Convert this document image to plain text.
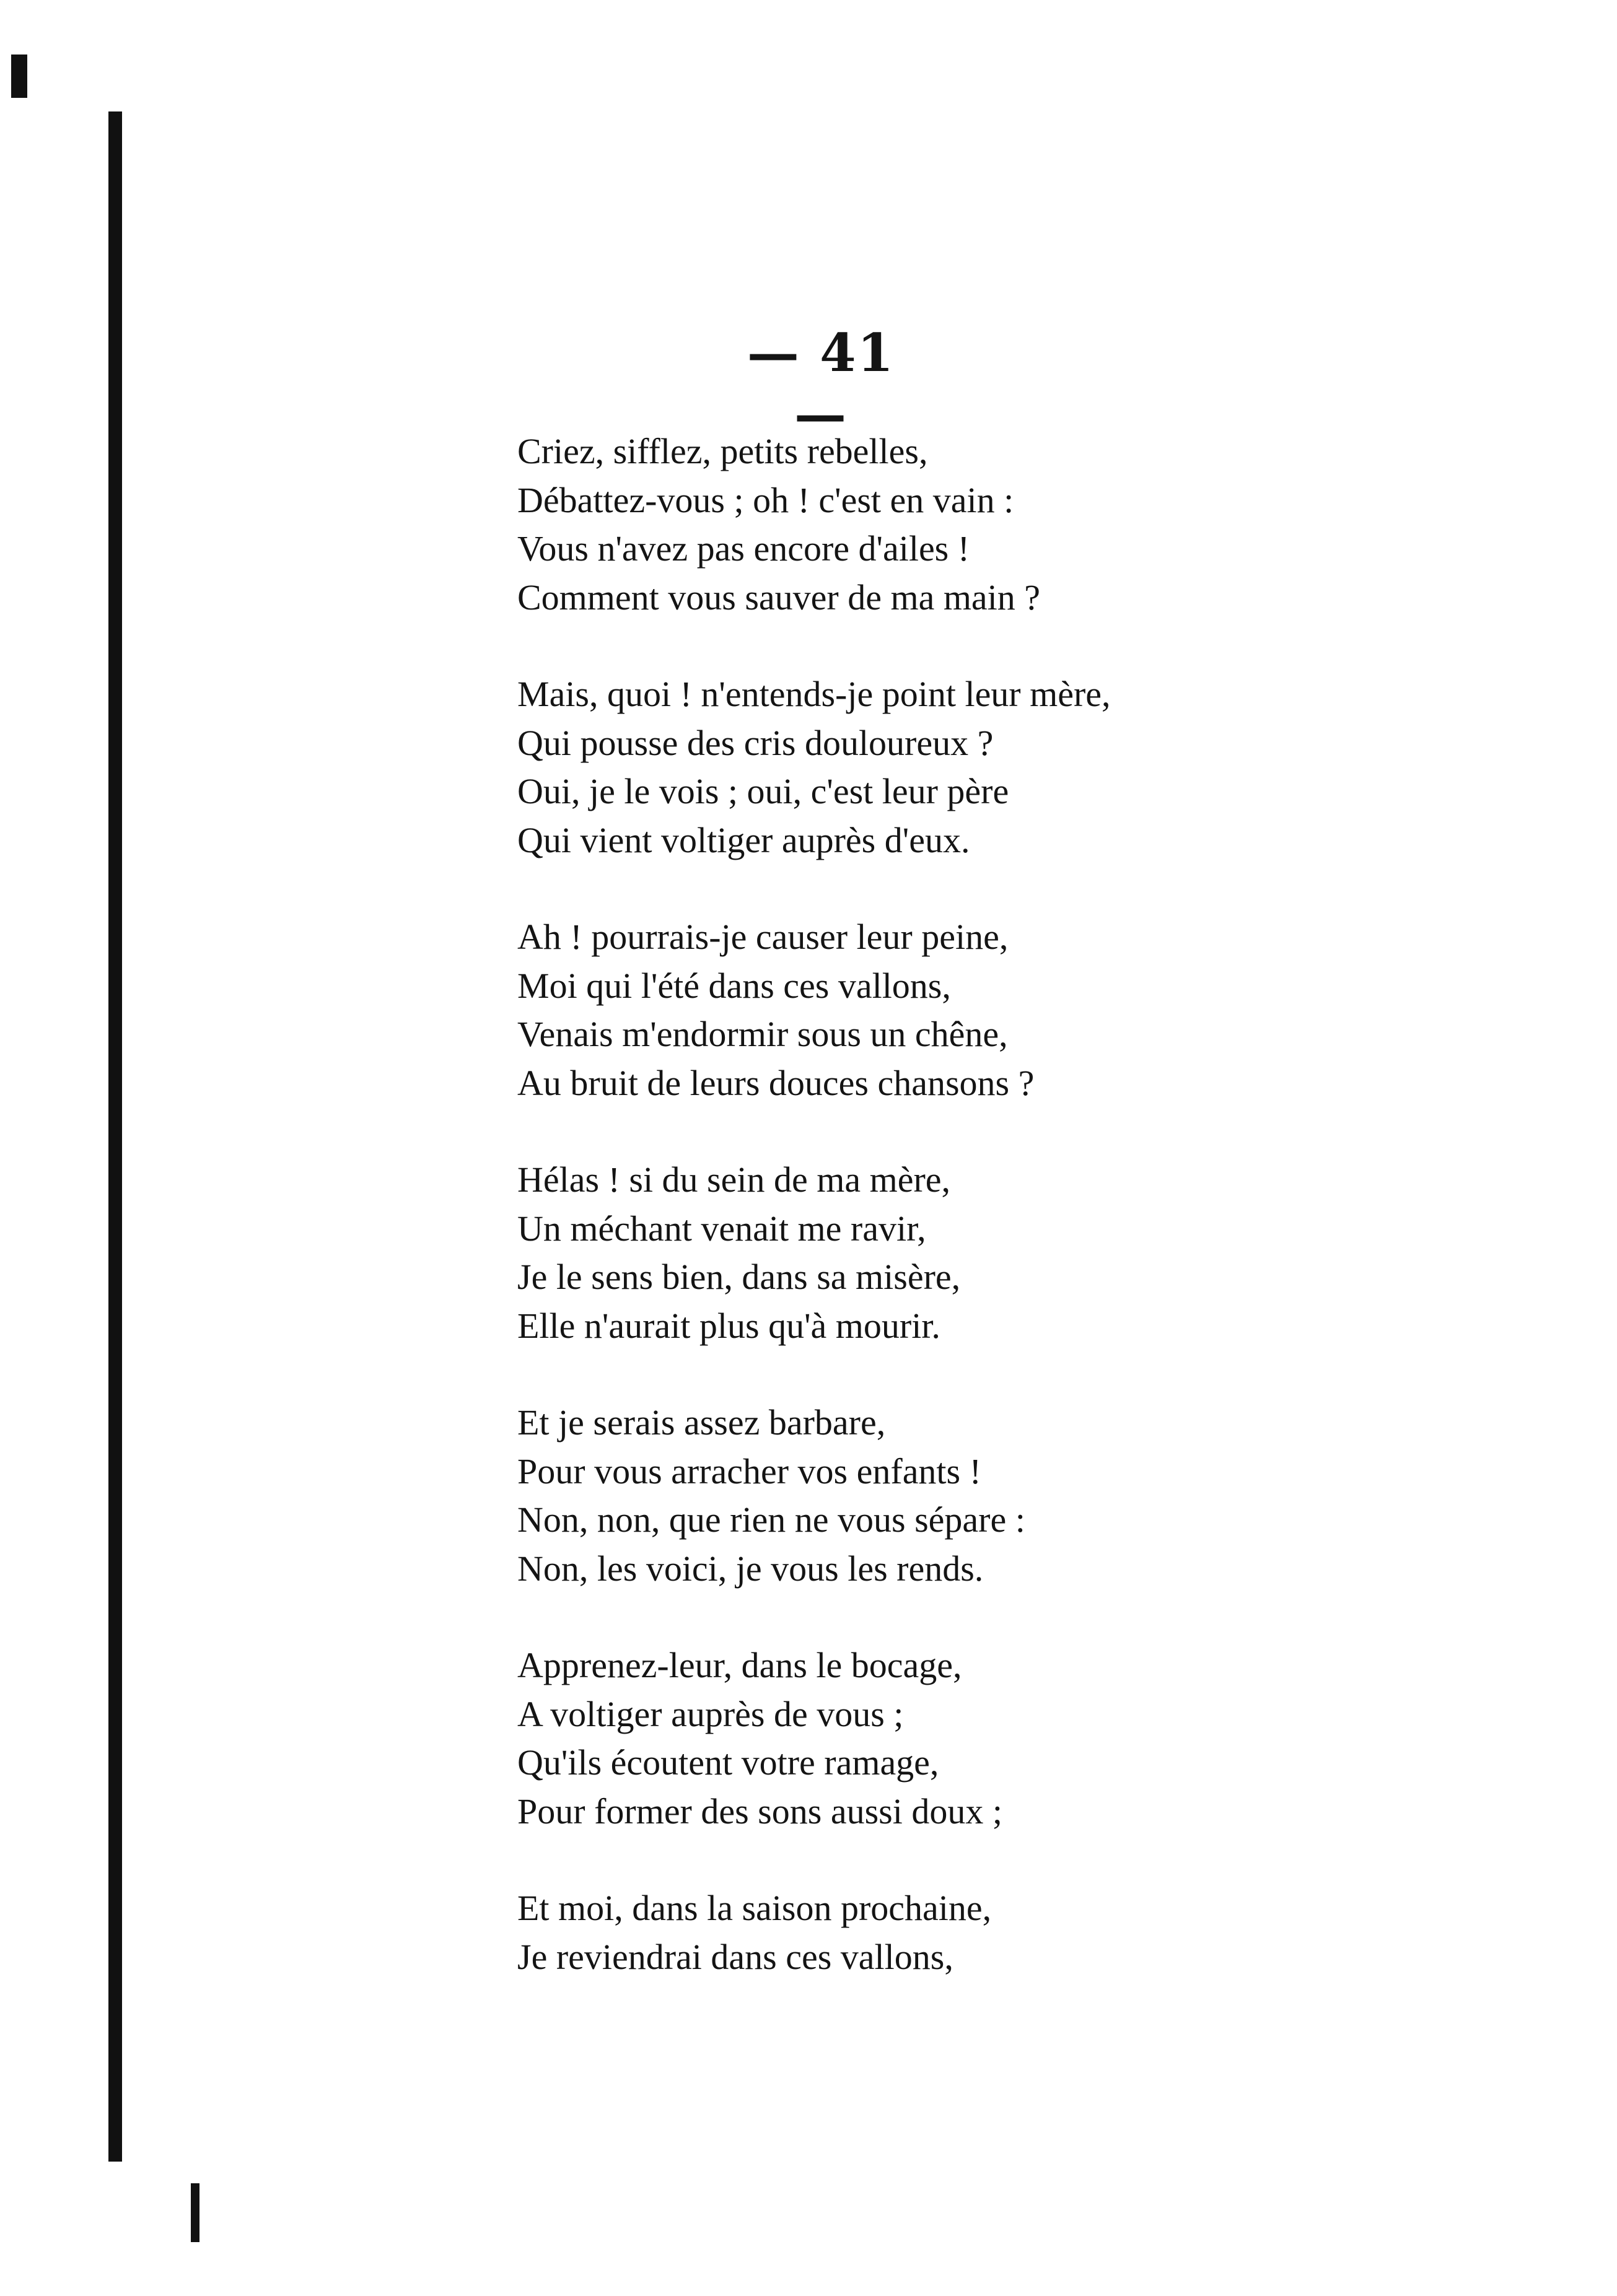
— 41 —
Criez, sifflez, petits rebelles,
Débattez-vous ; oh ! c'est en vain :
Vous n'avez pas encore d'ailes !
Comment vous sauver de ma main ?
Mais, quoi ! n'entends-je point leur mère,
Qui pousse des cris douloureux ?
Oui, je le vois ; oui, c'est leur père
Qui vient voltiger auprès d'eux.
Ah ! pourrais-je causer leur peine,
Moi qui l'été dans ces vallons,
Venais m'endormir sous un chêne,
Au bruit de leurs douces chansons ?
Hélas ! si du sein de ma mère,
Un méchant venait me ravir,
Je le sens bien, dans sa misère,
Elle n'aurait plus qu'à mourir.
Et je serais assez barbare,
Pour vous arracher vos enfants !
Non, non, que rien ne vous sépare :
Non, les voici, je vous les rends.
Apprenez-leur, dans le bocage,
A voltiger auprès de vous ;
Qu'ils écoutent votre ramage,
Pour former des sons aussi doux ;
Et moi, dans la saison prochaine,
Je reviendrai dans ces vallons,
